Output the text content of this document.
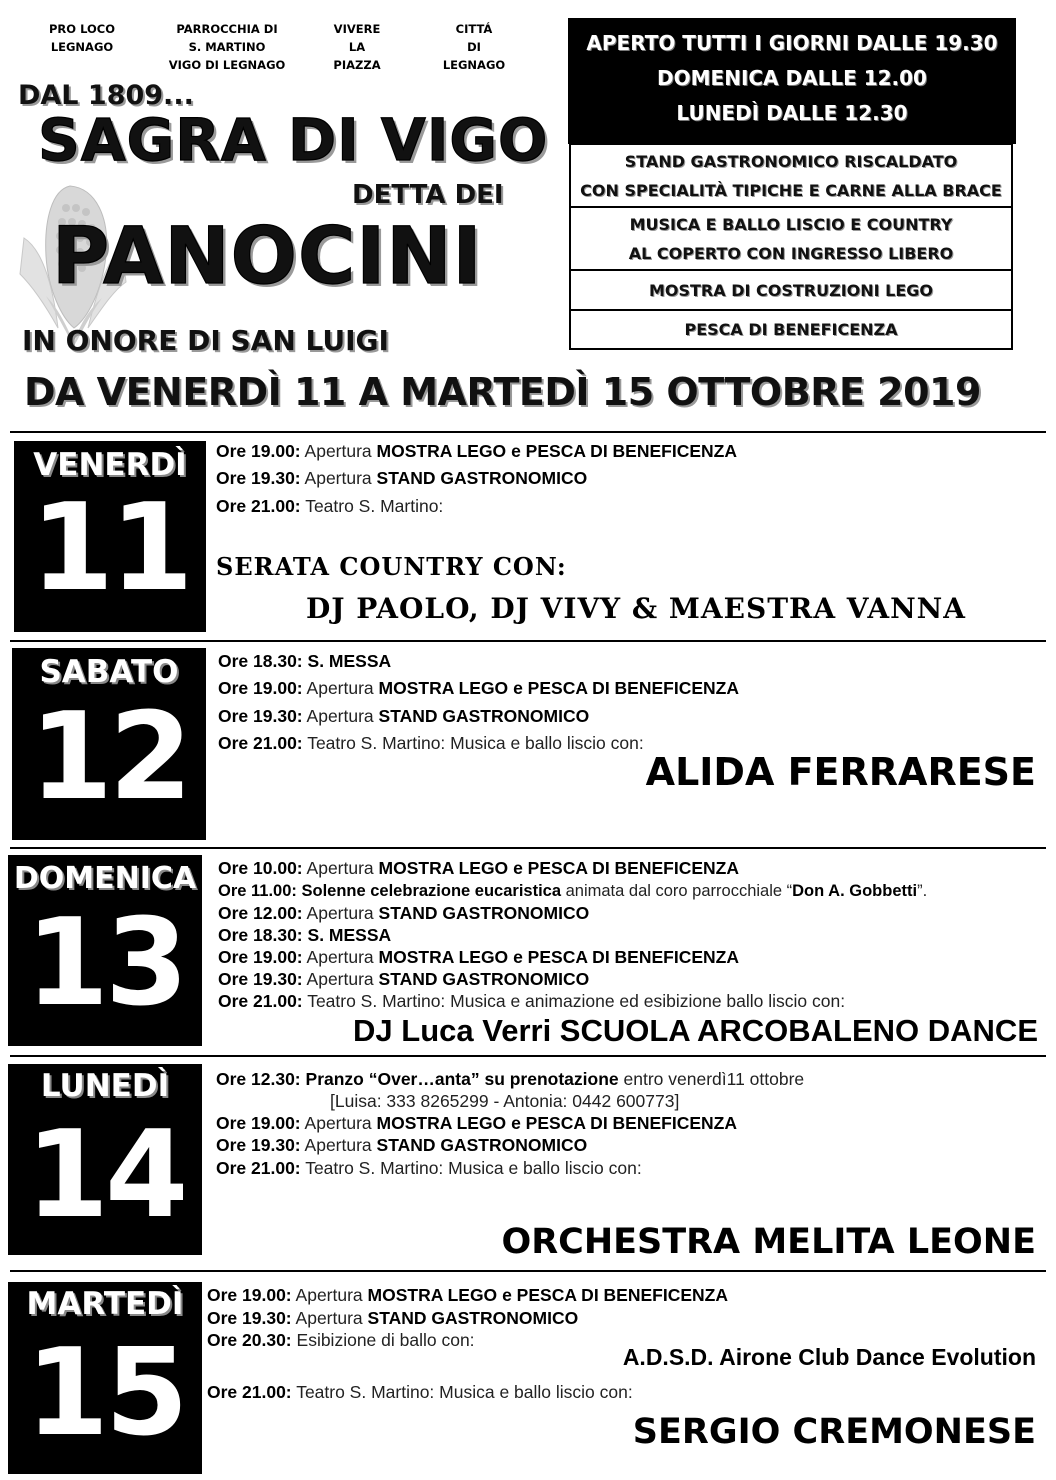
PRO LOCO
LEGNAGO
PARROCCHIA DI
S. MARTINO
VIGO DI LEGNAGO
VIVERE
LA
PIAZZA
CITTÁ
DI
LEGNAGO
DAL 1809...
SAGRA DI VIGO
DETTA DEI
PANOCINI
IN ONORE DI SAN LUIGI
DA VENERDÌ 11 A MARTEDÌ 15 OTTOBRE 2019
APERTO TUTTI I GIORNI DALLE 19.30
DOMENICA DALLE 12.00
LUNEDÌ DALLE 12.30
STAND GASTRONOMICO RISCALDATO
CON SPECIALITÀ TIPICHE E CARNE ALLA BRACE
MUSICA E BALLO LISCIO E COUNTRY
AL COPERTO CON INGRESSO LIBERO
MOSTRA DI COSTRUZIONI LEGO
PESCA DI BENEFICENZA
VENERDÌ
11
Ore 19.00: Apertura MOSTRA LEGO e PESCA DI BENEFICENZA
Ore 19.30: Apertura STAND GASTRONOMICO
Ore 21.00: Teatro S. Martino:
SERATA COUNTRY CON:
DJ PAOLO, DJ VIVY & MAESTRA VANNA
SABATO
12
Ore 18.30: S. MESSA
Ore 19.00: Apertura MOSTRA LEGO e PESCA DI BENEFICENZA
Ore 19.30: Apertura STAND GASTRONOMICO
Ore 21.00: Teatro S. Martino: Musica e ballo liscio con:
ALIDA FERRARESE
DOMENICA
13
Ore 10.00: Apertura MOSTRA LEGO e PESCA DI BENEFICENZA
Ore 11.00: Solenne celebrazione eucaristica animata dal coro parrocchiale “Don A. Gobbetti”.
Ore 12.00: Apertura STAND GASTRONOMICO
Ore 18.30: S. MESSA
Ore 19.00: Apertura MOSTRA LEGO e PESCA DI BENEFICENZA
Ore 19.30: Apertura STAND GASTRONOMICO
Ore 21.00: Teatro S. Martino: Musica e animazione ed esibizione ballo liscio con:
DJ Luca Verri SCUOLA ARCOBALENO DANCE
LUNEDÌ
14
Ore 12.30: Pranzo “Over…anta” su prenotazione entro venerdì11 ottobre
[Luisa: 333 8265299 - Antonia: 0442 600773]
Ore 19.00: Apertura MOSTRA LEGO e PESCA DI BENEFICENZA
Ore 19.30: Apertura STAND GASTRONOMICO
Ore 21.00: Teatro S. Martino: Musica e ballo liscio con:
ORCHESTRA MELITA LEONE
MARTEDÌ
15
Ore 19.00: Apertura MOSTRA LEGO e PESCA DI BENEFICENZA
Ore 19.30: Apertura STAND GASTRONOMICO
Ore 20.30: Esibizione di ballo con:
A.D.S.D. Airone Club Dance Evolution
Ore 21.00: Teatro S. Martino: Musica e ballo liscio con:
SERGIO CREMONESE
